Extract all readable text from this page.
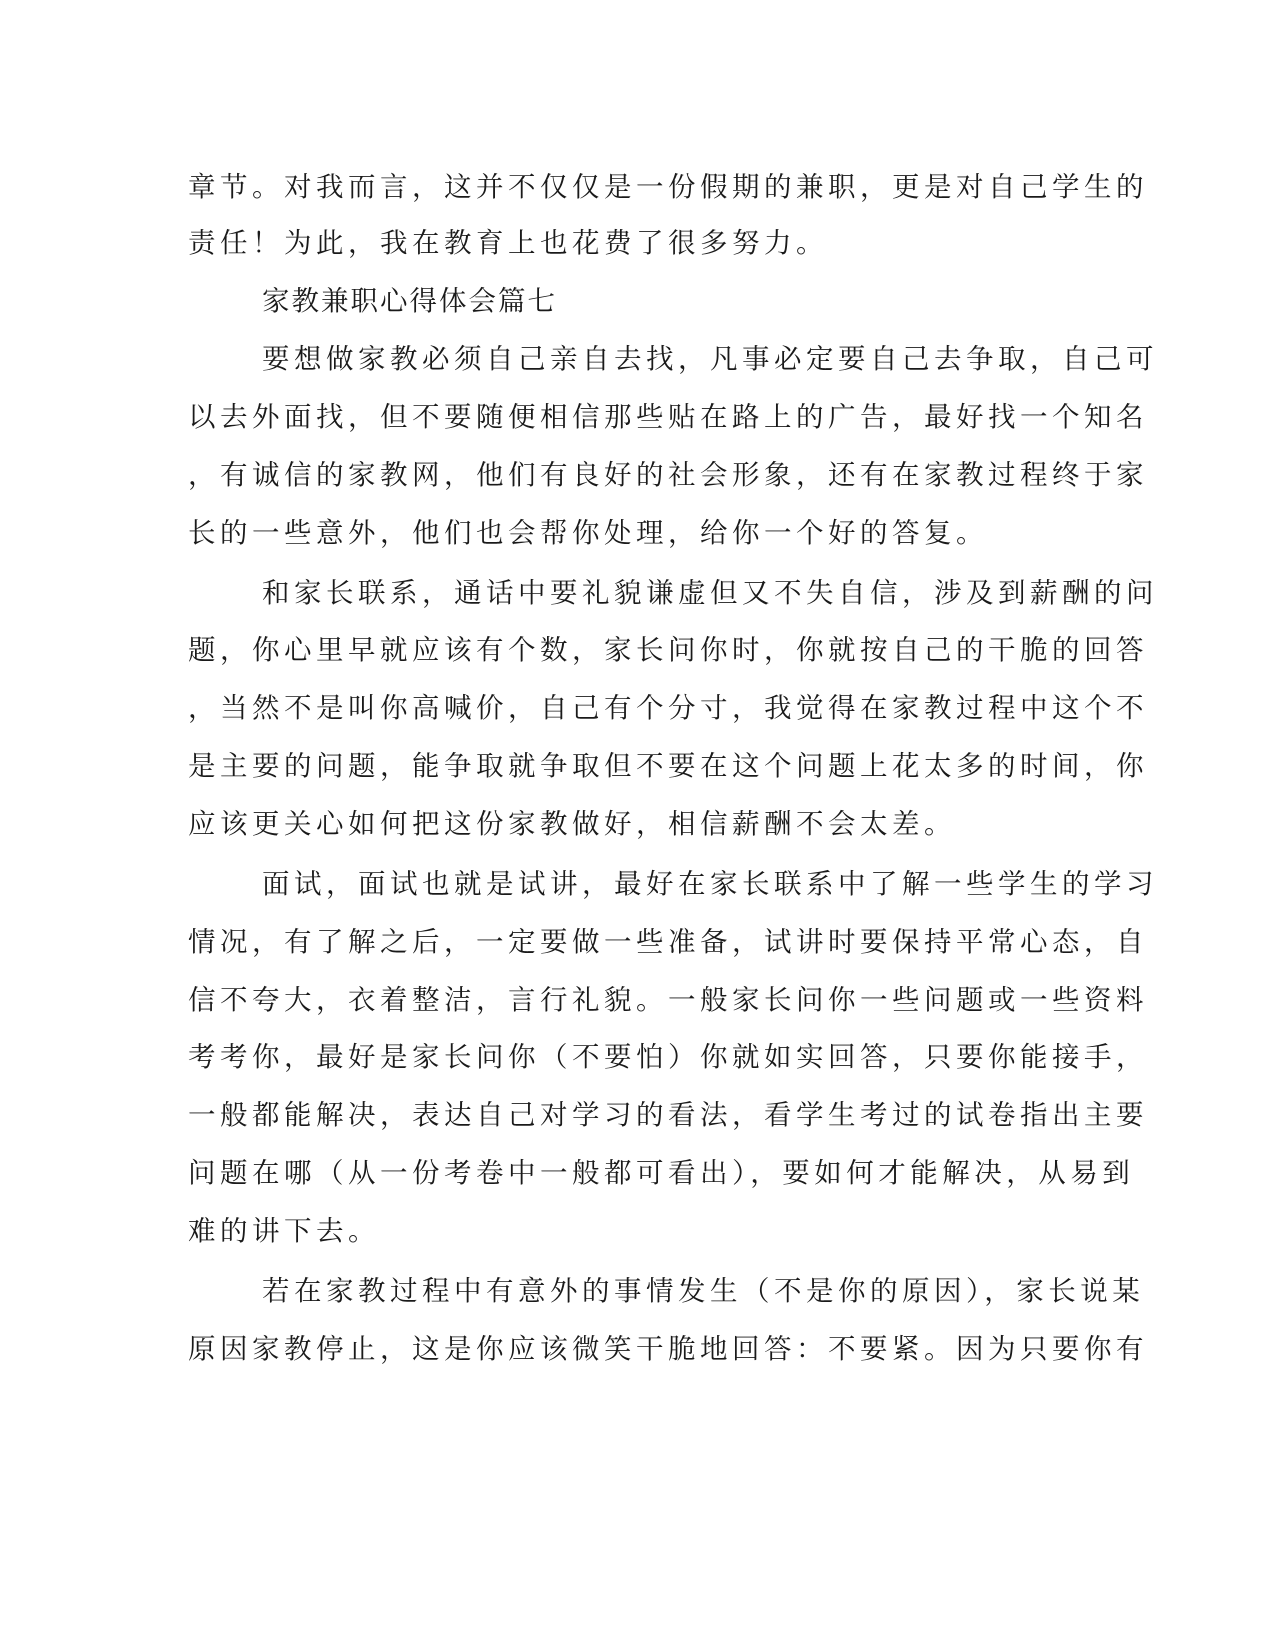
章节。对我而言，这并不仅仅是一份假期的兼职，更是对自己学生的
责任！为此，我在教育上也花费了很多努力。
家教兼职心得体会篇七
要想做家教必须自己亲自去找，凡事必定要自己去争取，自己可
以去外面找，但不要随便相信那些贴在路上的广告，最好找一个知名
，有诚信的家教网，他们有良好的社会形象，还有在家教过程终于家
长的一些意外，他们也会帮你处理，给你一个好的答复。
和家长联系，通话中要礼貌谦虚但又不失自信，涉及到薪酬的问
题，你心里早就应该有个数，家长问你时，你就按自己的干脆的回答
，当然不是叫你高喊价，自己有个分寸，我觉得在家教过程中这个不
是主要的问题，能争取就争取但不要在这个问题上花太多的时间，你
应该更关心如何把这份家教做好，相信薪酬不会太差。
面试，面试也就是试讲，最好在家长联系中了解一些学生的学习
情况，有了解之后，一定要做一些准备，试讲时要保持平常心态，自
信不夸大，衣着整洁，言行礼貌。一般家长问你一些问题或一些资料
考考你，最好是家长问你（不要怕）你就如实回答，只要你能接手，
一般都能解决，表达自己对学习的看法，看学生考过的试卷指出主要
问题在哪（从一份考卷中一般都可看出），要如何才能解决，从易到
难的讲下去。
若在家教过程中有意外的事情发生（不是你的原因），家长说某
原因家教停止，这是你应该微笑干脆地回答：不要紧。因为只要你有
